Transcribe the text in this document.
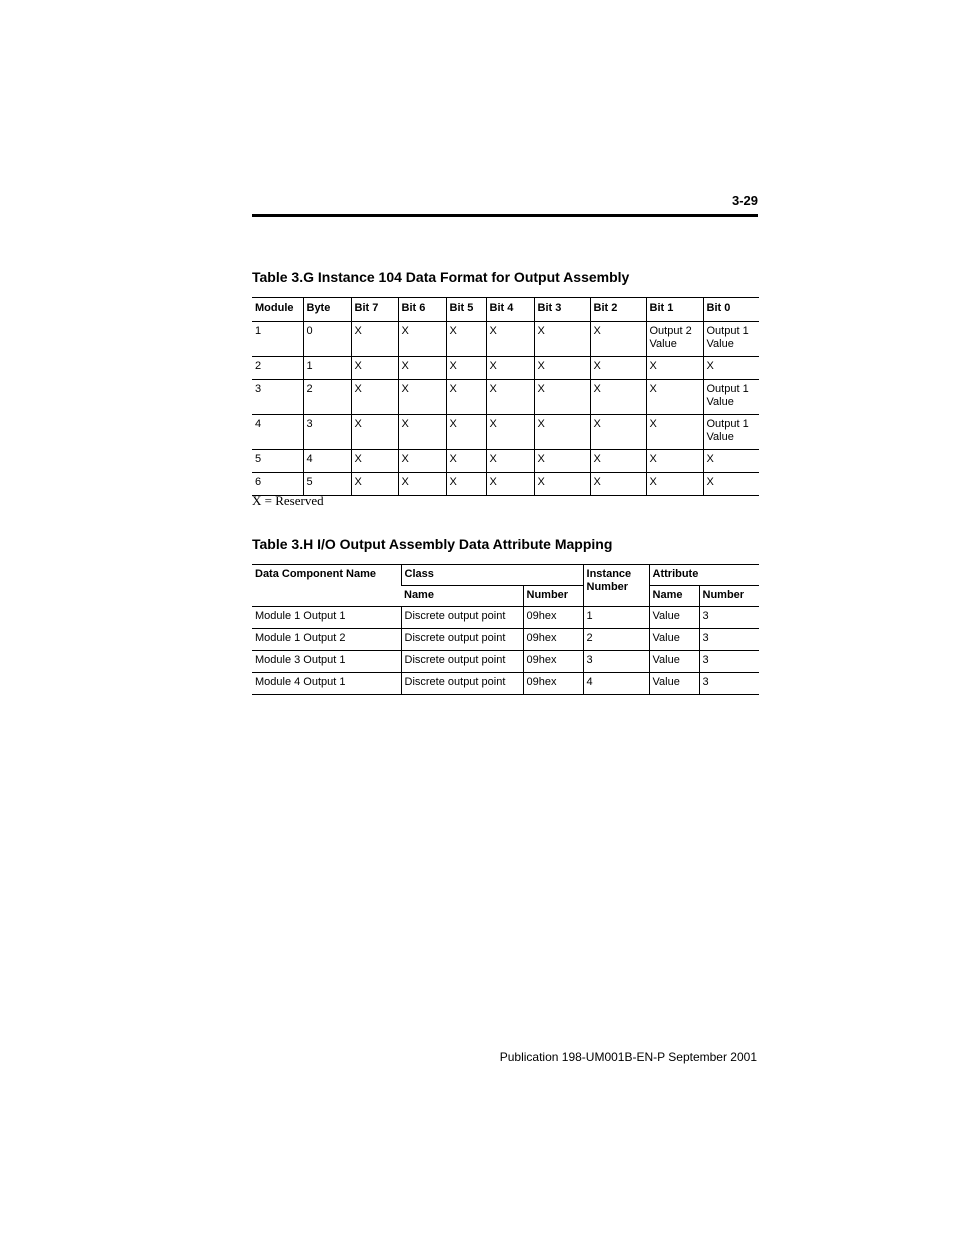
3-29
Table 3.G Instance 104 Data Format for Output Assembly
Module	Byte	Bit 7	Bit 6	Bit 5	Bit 4	Bit 3	Bit 2	Bit 1	Bit 0
1	0	X	X	X	X	X	X	Output 2 Value	Output 1 Value
2	1	X	X	X	X	X	X	X	X
3	2	X	X	X	X	X	X	X	Output 1 Value
4	3	X	X	X	X	X	X	X	Output 1 Value
5	4	X	X	X	X	X	X	X	X
6	5	X	X	X	X	X	X	X	X
X = Reserved
Table 3.H I/O Output Assembly Data Attribute Mapping
Data Component Name	Class		Instance Number	Attribute	
	Name	Number		Name	Number
Module 1 Output 1	Discrete output point	09hex	1	Value	3
Module 1 Output 2	Discrete output point	09hex	2	Value	3
Module 3 Output 1	Discrete output point	09hex	3	Value	3
Module 4 Output 1	Discrete output point	09hex	4	Value	3
Publication 198-UM001B-EN-P September 2001
